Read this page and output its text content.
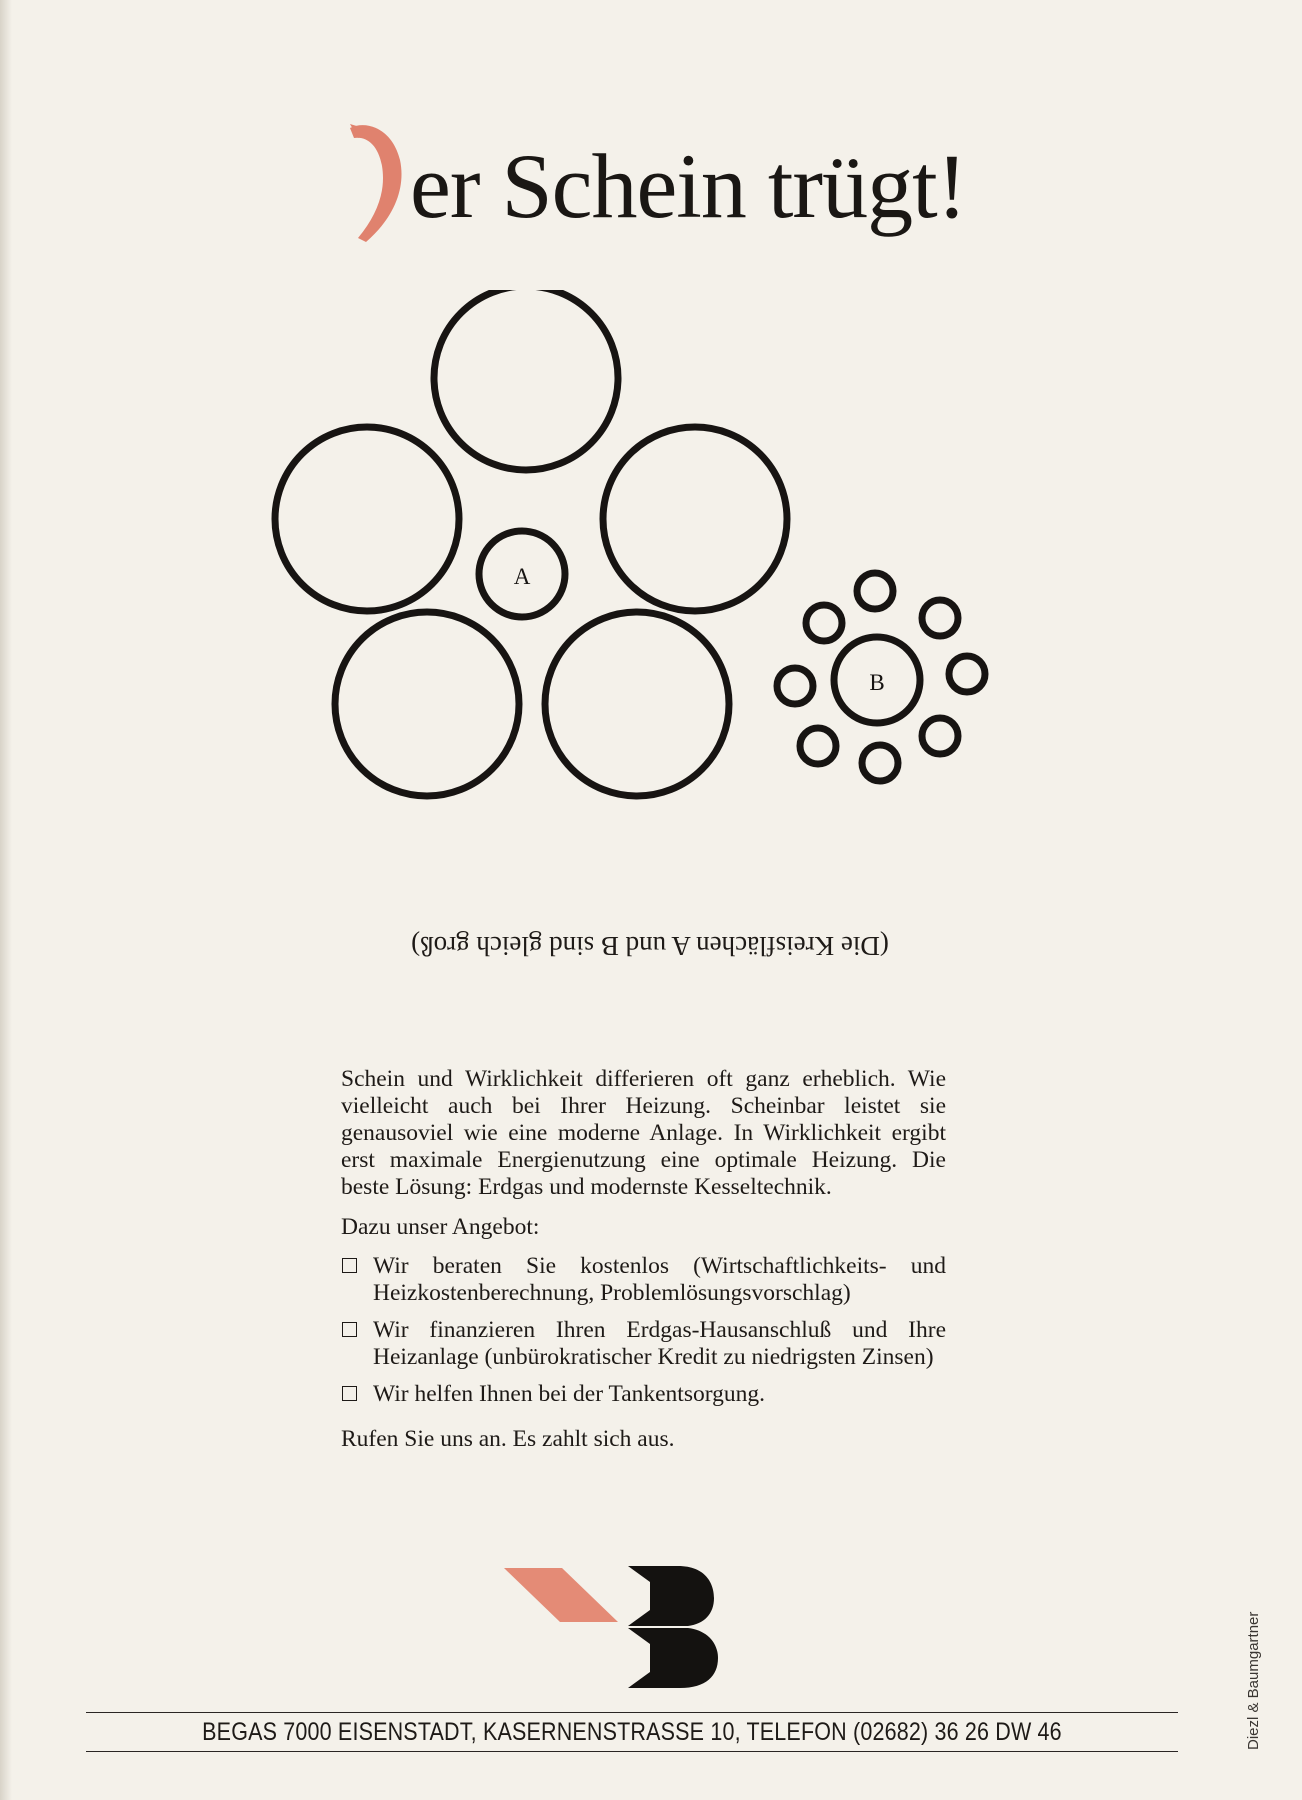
er Schein trügt!
A
B
(Die Kreisflächen A und B sind gleich groß)

Schein und Wirklichkeit differieren oft ganz erheblich. Wie vielleicht auch bei Ihrer Heizung. Scheinbar leistet sie genausoviel wie eine moderne Anlage. In Wirklichkeit ergibt erst maximale Energienutzung eine optimale Heizung. Die beste Lösung: Erdgas und modernste Kesseltechnik.

Dazu unser Angebot:

Wir beraten Sie kostenlos (Wirtschaftlichkeits- und Heizkostenberechnung, Problemlösungsvorschlag)
Wir finanzieren Ihren Erdgas-Hausanschluß und Ihre Heizanlage (unbürokratischer Kredit zu niedrigsten Zinsen)
Wir helfen Ihnen bei der Tankentsorgung.

Rufen Sie uns an. Es zahlt sich aus.

BEGAS 7000 EISENSTADT, KASERNENSTRASSE 10, TELEFON (02682) 36 26 DW 46	Diezl & Baumgartner
